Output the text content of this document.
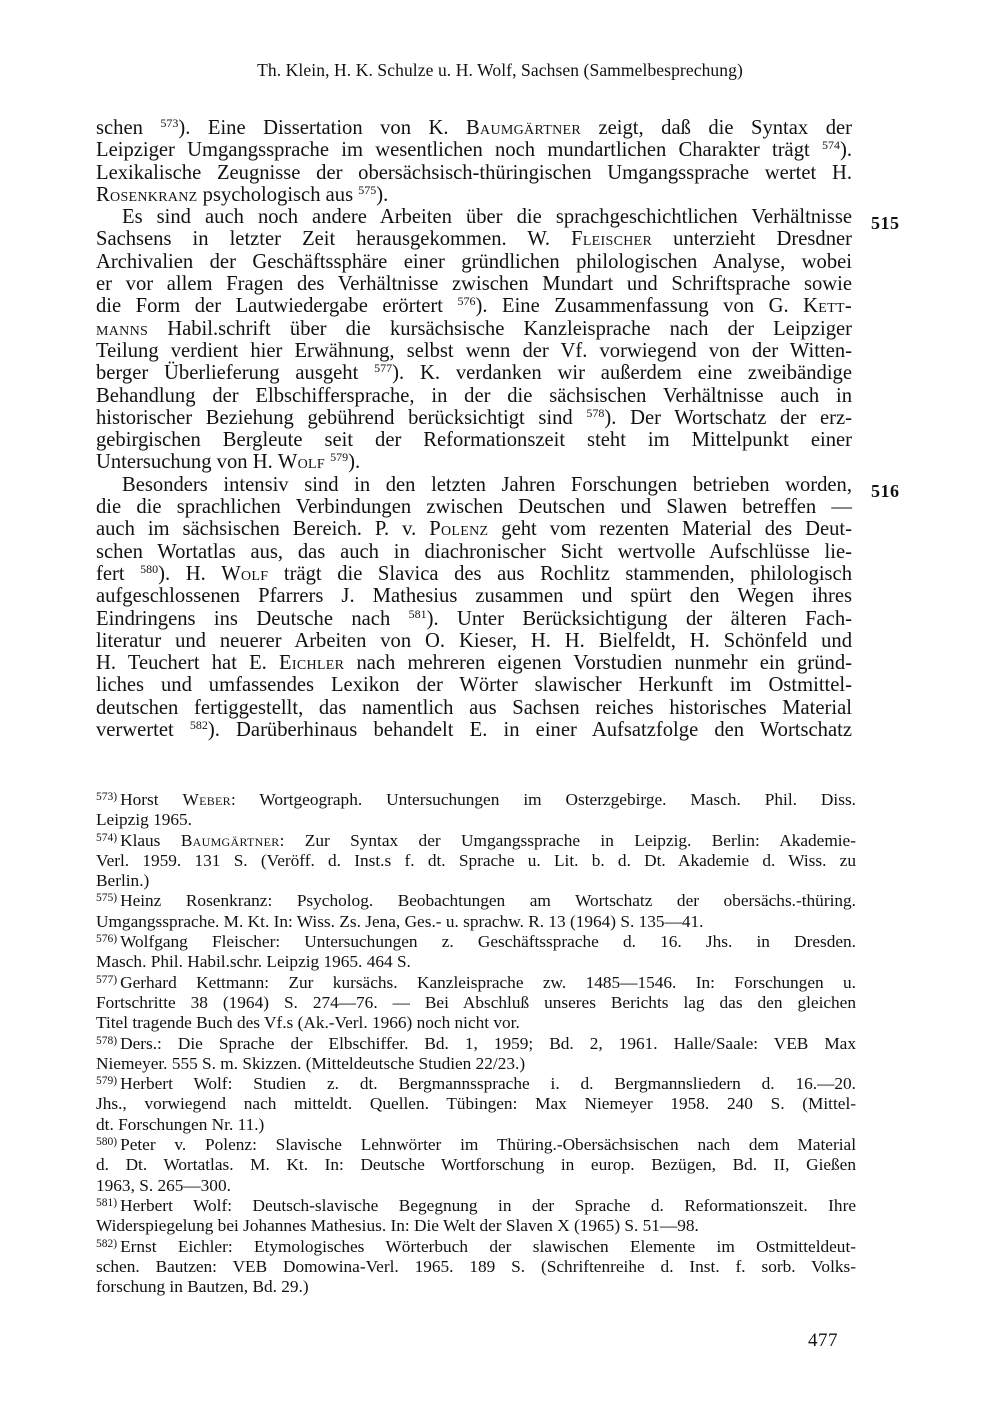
Th. Klein, H. K. Schulze u. H. Wolf, Sachsen (Sammelbesprechung)
schen $^{573}$). Eine Dissertation von K. Baumgärtner zeigt, daß die Syntax der
Leipziger Umgangssprache im wesentlichen noch mundartlichen Charakter trägt $^{574}$).
Lexikalische Zeugnisse der obersächsisch-thüringischen Umgangssprache wertet H.
Rosenkranz psychologisch aus $^{575}$).
Es sind auch noch andere Arbeiten über die sprachgeschichtlichen Verhältnisse
Sachsens in letzter Zeit herausgekommen. W. Fleischer unterzieht Dresdner
Archivalien der Geschäftssphäre einer gründlichen philologischen Analyse, wobei
er vor allem Fragen des Verhältnisse zwischen Mundart und Schriftsprache sowie
die Form der Lautwiedergabe erörtert $^{576}$). Eine Zusammenfassung von G. Kett-
manns Habil.schrift über die kursächsische Kanzleisprache nach der Leipziger
Teilung verdient hier Erwähnung, selbst wenn der Vf. vorwiegend von der Witten-
berger Überlieferung ausgeht $^{577}$). K. verdanken wir außerdem eine zweibändige
Behandlung der Elbschiffersprache, in der die sächsischen Verhältnisse auch in
historischer Beziehung gebührend berücksichtigt sind $^{578}$). Der Wortschatz der erz-
gebirgischen Bergleute seit der Reformationszeit steht im Mittelpunkt einer
Untersuchung von H. Wolf $^{579}$).
Besonders intensiv sind in den letzten Jahren Forschungen betrieben worden,
die die sprachlichen Verbindungen zwischen Deutschen und Slawen betreffen —
auch im sächsischen Bereich. P. v. Polenz geht vom rezenten Material des Deut-
schen Wortatlas aus, das auch in diachronischer Sicht wertvolle Aufschlüsse lie-
fert $^{580}$). H. Wolf trägt die Slavica des aus Rochlitz stammenden, philologisch
aufgeschlossenen Pfarrers J. Mathesius zusammen und spürt den Wegen ihres
Eindringens ins Deutsche nach $^{581}$). Unter Berücksichtigung der älteren Fach-
literatur und neuerer Arbeiten von O. Kieser, H. H. Bielfeldt, H. Schönfeld und
H. Teuchert hat E. Eichler nach mehreren eigenen Vorstudien nunmehr ein gründ-
liches und umfassendes Lexikon der Wörter slawischer Herkunft im Ostmittel-
deutschen fertiggestellt, das namentlich aus Sachsen reiches historisches Material
verwertet $^{582}$). Darüberhinaus behandelt E. in einer Aufsatzfolge den Wortschatz
515
516
$^{573)}$ Horst Weber: Wortgeograph. Untersuchungen im Osterzgebirge. Masch. Phil. Diss.
Leipzig 1965.
$^{574)}$ Klaus Baumgärtner: Zur Syntax der Umgangssprache in Leipzig. Berlin: Akademie-
Verl. 1959. 131 S. (Veröff. d. Inst.s f. dt. Sprache u. Lit. b. d. Dt. Akademie d. Wiss. zu
Berlin.)
$^{575)}$ Heinz Rosenkranz: Psycholog. Beobachtungen am Wortschatz der obersächs.-thüring.
Umgangssprache. M. Kt. In: Wiss. Zs. Jena, Ges.- u. sprachw. R. 13 (1964) S. 135—41.
$^{576)}$ Wolfgang Fleischer: Untersuchungen z. Geschäftssprache d. 16. Jhs. in Dresden.
Masch. Phil. Habil.schr. Leipzig 1965. 464 S.
$^{577)}$ Gerhard Kettmann: Zur kursächs. Kanzleisprache zw. 1485—1546. In: Forschungen u.
Fortschritte 38 (1964) S. 274—76. — Bei Abschluß unseres Berichts lag das den gleichen
Titel tragende Buch des Vf.s (Ak.-Verl. 1966) noch nicht vor.
$^{578)}$ Ders.: Die Sprache der Elbschiffer. Bd. 1, 1959; Bd. 2, 1961. Halle/Saale: VEB Max
Niemeyer. 555 S. m. Skizzen. (Mitteldeutsche Studien 22/23.)
$^{579)}$ Herbert Wolf: Studien z. dt. Bergmannssprache i. d. Bergmannsliedern d. 16.—20.
Jhs., vorwiegend nach mitteldt. Quellen. Tübingen: Max Niemeyer 1958. 240 S. (Mittel-
dt. Forschungen Nr. 11.)
$^{580)}$ Peter v. Polenz: Slavische Lehnwörter im Thüring.-Obersächsischen nach dem Material
d. Dt. Wortatlas. M. Kt. In: Deutsche Wortforschung in europ. Bezügen, Bd. II, Gießen
1963, S. 265—300.
$^{581)}$ Herbert Wolf: Deutsch-slavische Begegnung in der Sprache d. Reformationszeit. Ihre
Widerspiegelung bei Johannes Mathesius. In: Die Welt der Slaven X (1965) S. 51—98.
$^{582)}$ Ernst Eichler: Etymologisches Wörterbuch der slawischen Elemente im Ostmitteldeut-
schen. Bautzen: VEB Domowina-Verl. 1965. 189 S. (Schriftenreihe d. Inst. f. sorb. Volks-
forschung in Bautzen, Bd. 29.)
477
